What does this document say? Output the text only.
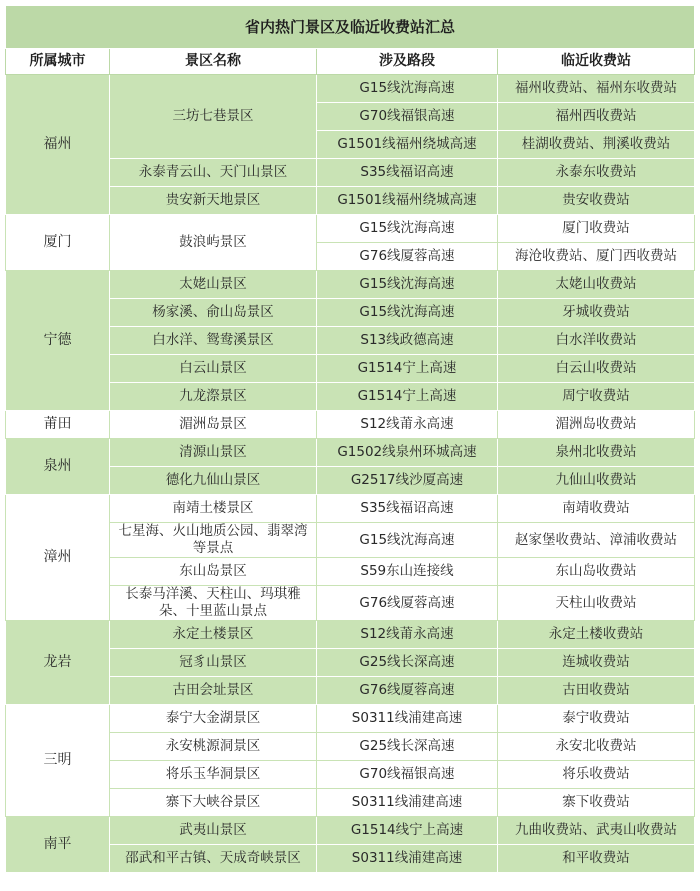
省内热门景区及临近收费站汇总			
所属城市	景区名称	涉及路段	临近收费站
福州	三坊七巷景区	G15线沈海高速	福州收费站、福州东收费站
		G70线福银高速	福州西收费站
		G1501线福州绕城高速	桂湖收费站、荆溪收费站
	永泰青云山、天门山景区	S35线福诏高速	永泰东收费站
	贵安新天地景区	G1501线福州绕城高速	贵安收费站
厦门	鼓浪屿景区	G15线沈海高速	厦门收费站
		G76线厦蓉高速	海沧收费站、厦门西收费站
宁德	太姥山景区	G15线沈海高速	太姥山收费站
	杨家溪、俞山岛景区	G15线沈海高速	牙城收费站
	白水洋、鸳鸯溪景区	S13线政德高速	白水洋收费站
	白云山景区	G1514宁上高速	白云山收费站
	九龙漈景区	G1514宁上高速	周宁收费站
莆田	湄洲岛景区	S12线莆永高速	湄洲岛收费站
泉州	清源山景区	G1502线泉州环城高速	泉州北收费站
	德化九仙山景区	G2517线沙厦高速	九仙山收费站
漳州	南靖土楼景区	S35线福诏高速	南靖收费站
	七星海、火山地质公园、翡翠湾等景点	G15线沈海高速	赵家堡收费站、漳浦收费站
	东山岛景区	S59东山连接线	东山岛收费站
	长泰马洋溪、天柱山、玛琪雅朵、十里蓝山景点	G76线厦蓉高速	天柱山收费站
龙岩	永定土楼景区	S12线莆永高速	永定土楼收费站
	冠豸山景区	G25线长深高速	连城收费站
	古田会址景区	G76线厦蓉高速	古田收费站
三明	泰宁大金湖景区	S0311线浦建高速	泰宁收费站
	永安桃源洞景区	G25线长深高速	永安北收费站
	将乐玉华洞景区	G70线福银高速	将乐收费站
	寨下大峡谷景区	S0311线浦建高速	寨下收费站
南平	武夷山景区	G1514线宁上高速	九曲收费站、武夷山收费站
	邵武和平古镇、天成奇峡景区	S0311线浦建高速	和平收费站
